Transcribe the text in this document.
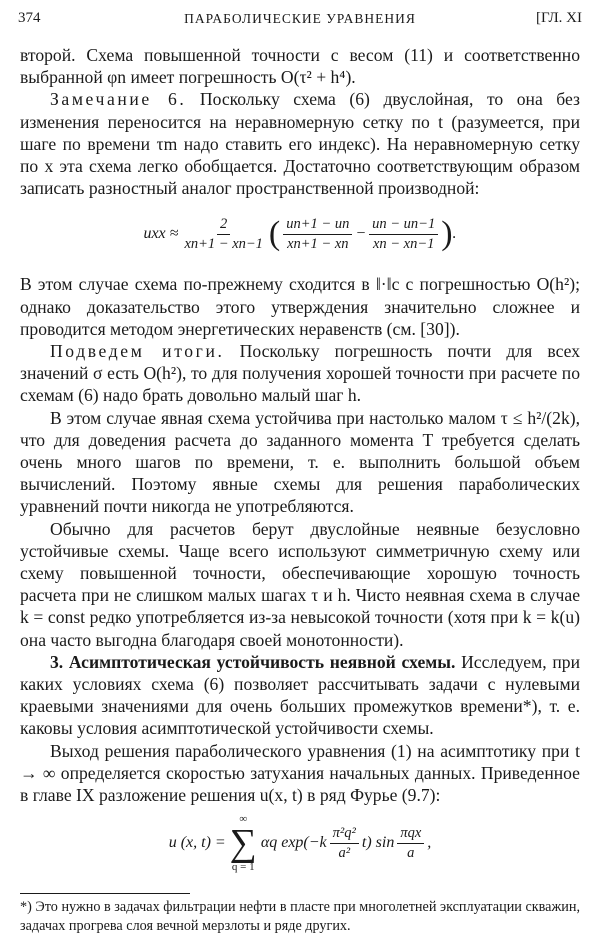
374	ПАРАБОЛИЧЕСКИЕ УРАВНЕНИЯ	[ГЛ. XI

второй. Схема повышенной точности с весом (11) и соответственно выбранной φn имеет погрешность O(τ² + h⁴).

Замечание 6. Поскольку схема (6) двуслойная, то она без изменения переносится на неравномерную сетку по t (разумеется, при шаге по времени τm надо ставить его индекс). На неравномерную сетку по x эта схема легко обобщается. Достаточно соответствующим образом записать разностный аналог пространственной производной:

uxx ≈ $\frac{2}{xn+1 - xn-1}$ ( $\frac{un+1 - un}{xn+1 - xn} - \frac{un - un-1}{xn - xn-1}$ ) .

В этом случае схема по-прежнему сходится в ‖·‖c с погрешностью O(h²); однако доказательство этого утверждения значительно сложнее и проводится методом энергетических неравенств (см. [30]).

Подведем итоги. Поскольку погрешность почти для всех значений σ есть O(h²), то для получения хорошей точности при расчете по схемам (6) надо брать довольно малый шаг h.

В этом случае явная схема устойчива при настолько малом τ ≤ h²/(2k), что для доведения расчета до заданного момента T требуется сделать очень много шагов по времени, т. е. выполнить большой объем вычислений. Поэтому явные схемы для решения параболических уравнений почти никогда не употребляются.

Обычно для расчетов берут двуслойные неявные безусловно устойчивые схемы. Чаще всего используют симметричную схему или схему повышенной точности, обеспечивающие хорошую точность расчета при не слишком малых шагах τ и h. Чисто неявная схема в случае k = const редко употребляется из-за невысокой точности (хотя при k = k(u) она часто выгодна благодаря своей монотонности).

3. Асимптотическая устойчивость неявной схемы. Исследуем, при каких условиях схема (6) позволяет рассчитывать задачи с нулевыми краевыми значениями для очень больших промежутков времени*), т. е. каковы условия асимптотической устойчивости схемы.

Выход решения параболического уравнения (1) на асимптотику при t → ∞ определяется скоростью затухания начальных данных. Приведенное в главе IX разложение решения u(x, t) в ряд Фурье (9.7):

u (x, t) =
∞
∑
q = 1
αq $\exp (-k \frac{\text{π²q²}}{\text{a²}} t)$ $\sin \frac{\text{πqx}}{a}$ ,
*) Это нужно в задачах фильтрации нефти в пласте при многолетней эксплуатации скважин, задачах прогрева слоя вечной мерзлоты и ряде других.
